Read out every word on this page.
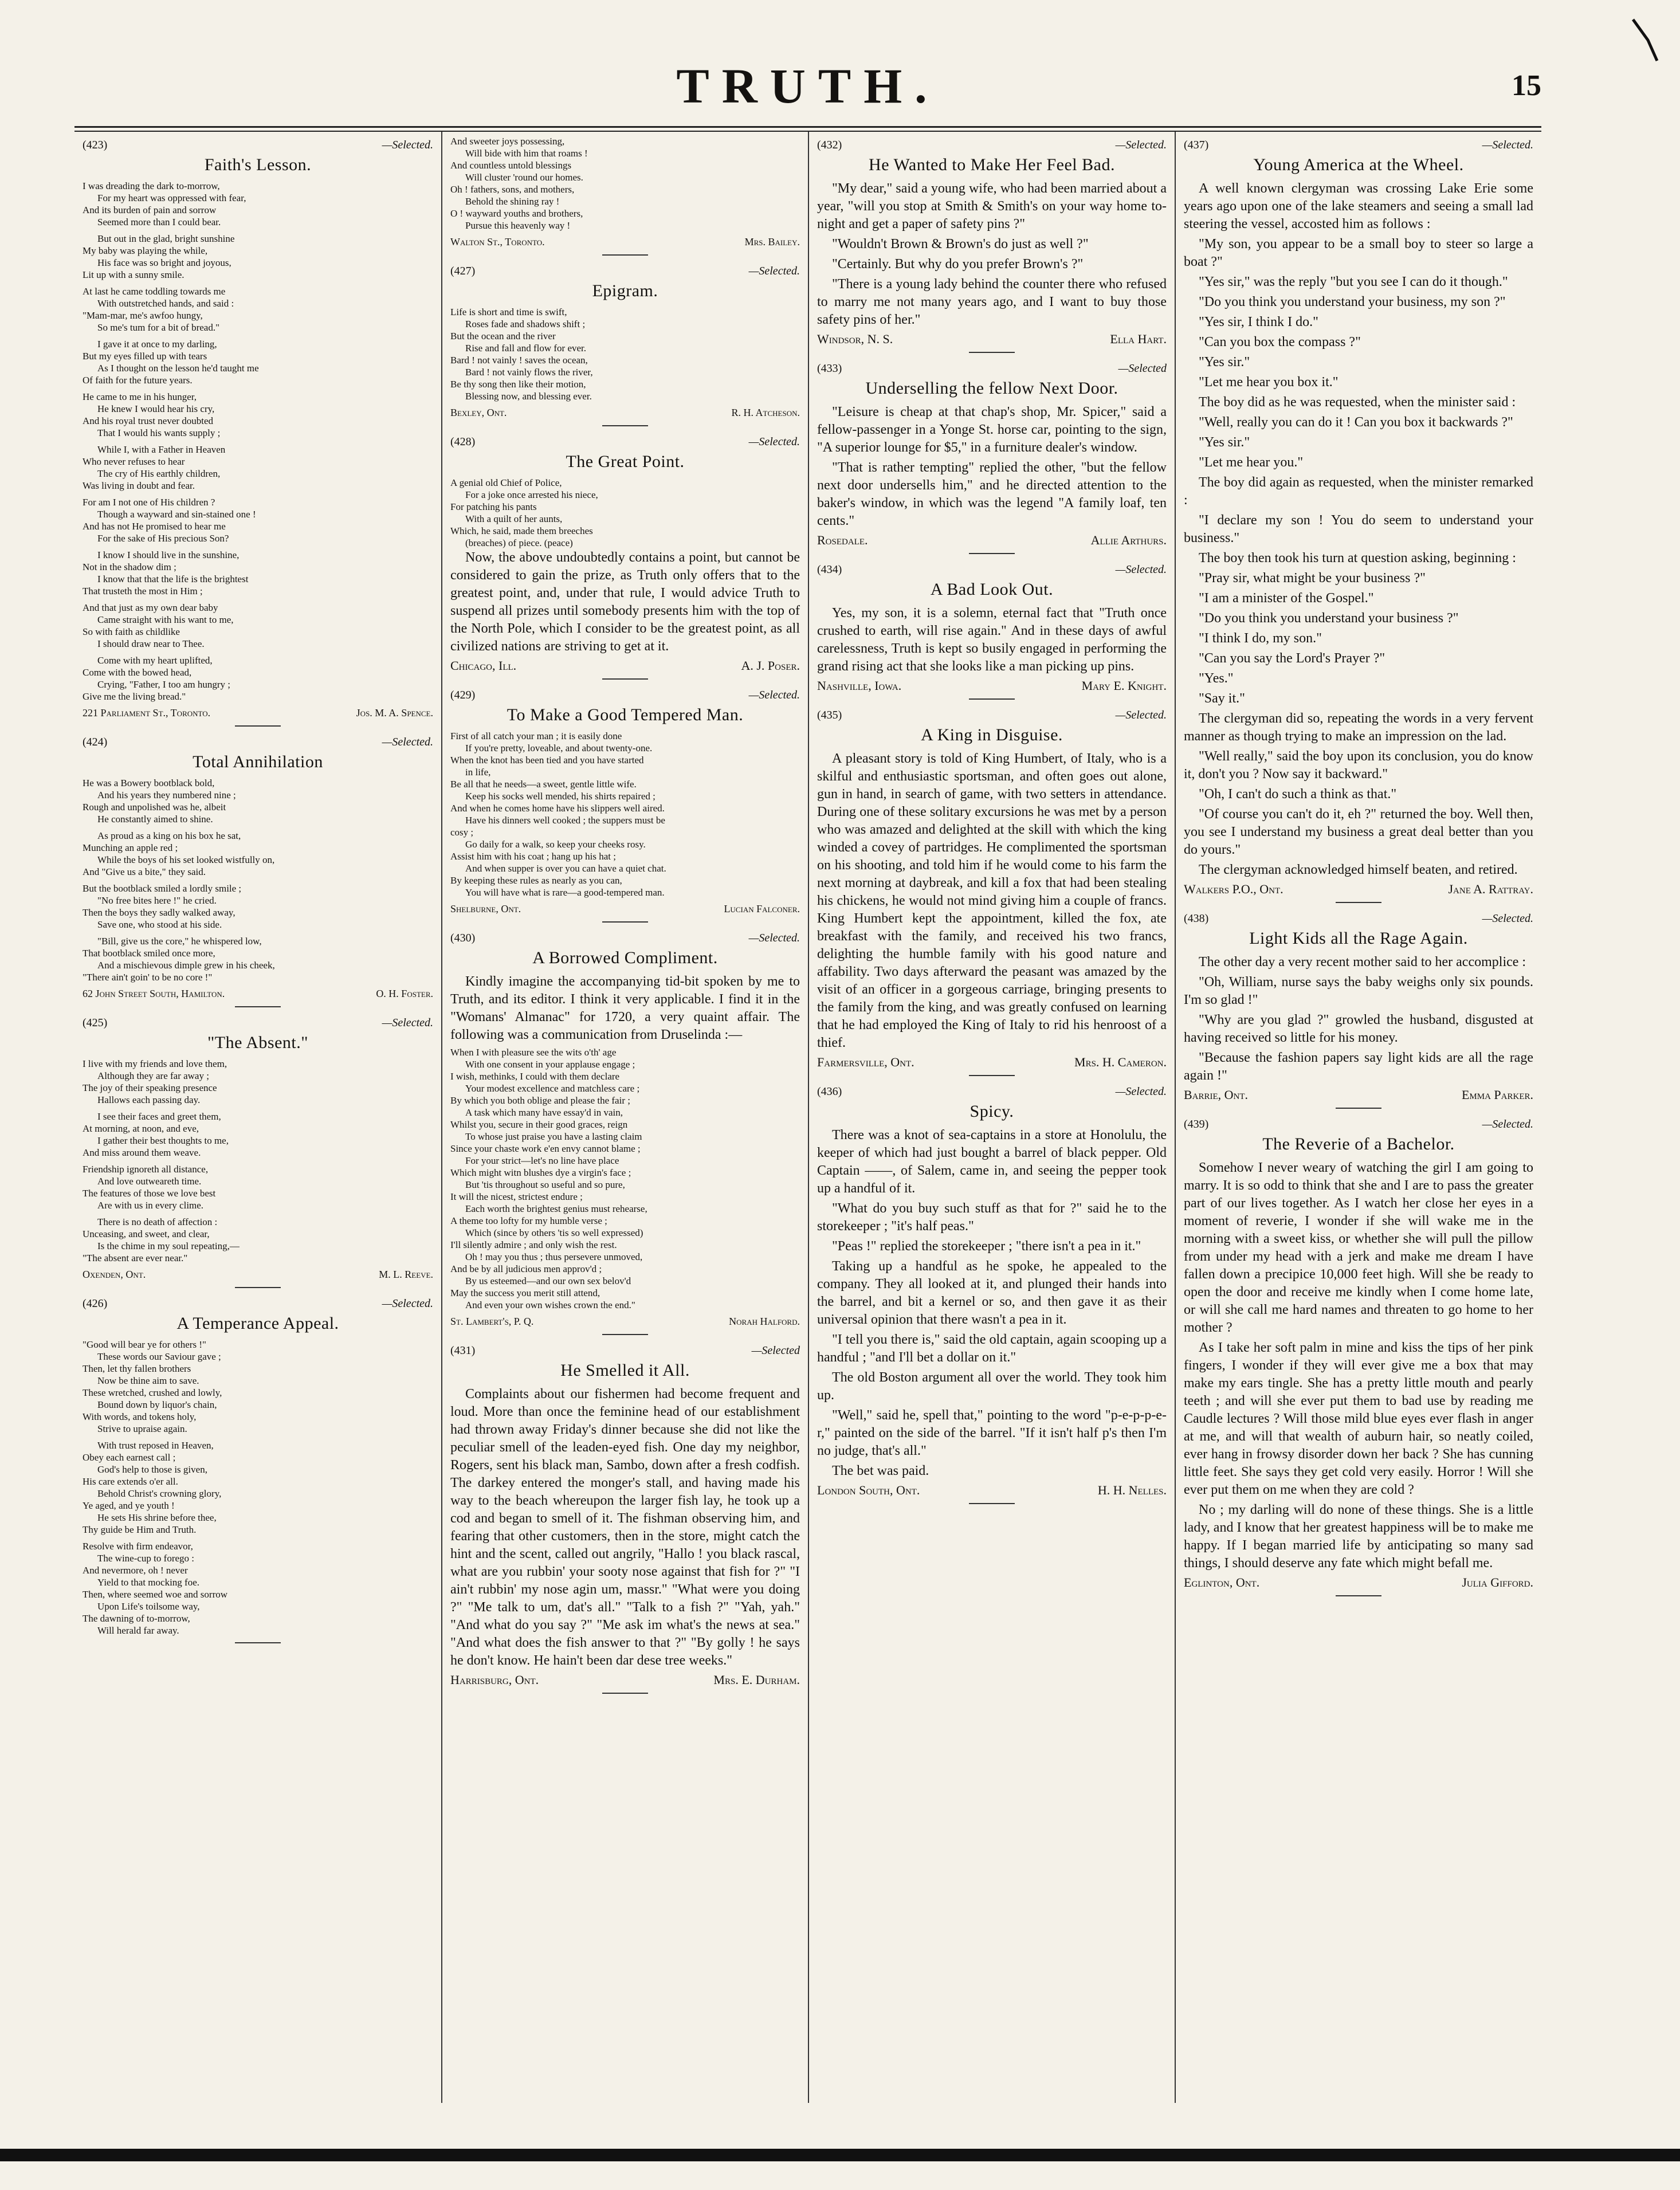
TRUTH.	15
(423)	—Selected.
Faith's Lesson.
I was dreading the dark to-morrow,
For my heart was oppressed with fear,
And its burden of pain and sorrow
Seemed more than I could bear.
But out in the glad, bright sunshine
My baby was playing the while,
His face was so bright and joyous,
Lit up with a sunny smile.
At last he came toddling towards me
With outstretched hands, and said :
"Mam-mar, me's awfoo hungy,
So me's tum for a bit of bread."
I gave it at once to my darling,
But my eyes filled up with tears
As I thought on the lesson he'd taught me
Of faith for the future years.
He came to me in his hunger,
He knew I would hear his cry,
And his royal trust never doubted
That I would his wants supply ;
While I, with a Father in Heaven
Who never refuses to hear
The cry of His earthly children,
Was living in doubt and fear.
For am I not one of His children ?
Though a wayward and sin-stained one !
And has not He promised to hear me
For the sake of His precious Son?
I know I should live in the sunshine,
Not in the shadow dim ;
I know that that the life is the brightest
That trusteth the most in Him ;
And that just as my own dear baby
Came straight with his want to me,
So with faith as childlike
I should draw near to Thee.
Come with my heart uplifted,
Come with the bowed head,
Crying, "Father, I too am hungry ;
Give me the living bread."
221 Parliament St., Toronto.	Jos. M. A. Spence.
(424)	—Selected.
Total Annihilation
He was a Bowery bootblack bold,
And his years they numbered nine ;
Rough and unpolished was he, albeit
He constantly aimed to shine.
As proud as a king on his box he sat,
Munching an apple red ;
While the boys of his set looked wistfully on,
And "Give us a bite," they said.
But the bootblack smiled a lordly smile ;
"No free bites here !" he cried.
Then the boys they sadly walked away,
Save one, who stood at his side.
"Bill, give us the core," he whispered low,
That bootblack smiled once more,
And a mischievous dimple grew in his cheek,
"There ain't goin' to be no core !"
62 John Street South, Hamilton.	O. H. Foster.
(425)	—Selected.
"The Absent."
I live with my friends and love them,
Although they are far away ;
The joy of their speaking presence
Hallows each passing day.
I see their faces and greet them,
At morning, at noon, and eve,
I gather their best thoughts to me,
And miss around them weave.
Friendship ignoreth all distance,
And love outweareth time.
The features of those we love best
Are with us in every clime.
There is no death of affection :
Unceasing, and sweet, and clear,
Is the chime in my soul repeating,—
"The absent are ever near."
Oxenden, Ont.	M. L. Reeve.
(426)	—Selected.
A Temperance Appeal.
"Good will bear ye for others !"
These words our Saviour gave ;
Then, let thy fallen brothers
Now be thine aim to save.
These wretched, crushed and lowly,
Bound down by liquor's chain,
With words, and tokens holy,
Strive to upraise again.
With trust reposed in Heaven,
Obey each earnest call ;
God's help to those is given,
His care extends o'er all.
Behold Christ's crowning glory,
Ye aged, and ye youth !
He sets His shrine before thee,
Thy guide be Him and Truth.
Resolve with firm endeavor,
The wine-cup to forego :
And nevermore, oh ! never
Yield to that mocking foe.
Then, where seemed woe and sorrow
Upon Life's toilsome way,
The dawning of to-morrow,
Will herald far away.
And sweeter joys possessing,
Will bide with him that roams !
And countless untold blessings
Will cluster 'round our homes.
Oh ! fathers, sons, and mothers,
Behold the shining ray !
O ! wayward youths and brothers,
Pursue this heavenly way !
Walton St., Toronto.	Mrs. Bailey.
(427)	—Selected.
Epigram.
Life is short and time is swift,
Roses fade and shadows shift ;
But the ocean and the river
Rise and fall and flow for ever.
Bard ! not vainly ! saves the ocean,
Bard ! not vainly flows the river,
Be thy song then like their motion,
Blessing now, and blessing ever.
Bexley, Ont.	R. H. Atcheson.
(428)	—Selected.
The Great Point.
A genial old Chief of Police,
For a joke once arrested his niece,
For patching his pants
With a quilt of her aunts,
Which, he said, made them breeches
(breaches) of piece. (peace)

Now, the above undoubtedly contains a point, but cannot be considered to gain the prize, as Truth only offers that to the greatest point, and, under that rule, I would advice Truth to suspend all prizes until somebody presents him with the top of the North Pole, which I consider to be the greatest point, as all civilized nations are striving to get at it.

Chicago, Ill.	A. J. Poser.
(429)	—Selected.
To Make a Good Tempered Man.
First of all catch your man ; it is easily done
If you're pretty, loveable, and about twenty-one.
When the knot has been tied and you have started
in life,
Be all that he needs—a sweet, gentle little wife.
Keep his socks well mended, his shirts repaired ;
And when he comes home have his slippers well aired.
Have his dinners well cooked ; the suppers must be
cosy ;
Go daily for a walk, so keep your cheeks rosy.
Assist him with his coat ; hang up his hat ;
And when supper is over you can have a quiet chat.
By keeping these rules as nearly as you can,
You will have what is rare—a good-tempered man.
Shelburne, Ont.	Lucian Falconer.
(430)	—Selected.
A Borrowed Compliment.

Kindly imagine the accompanying tid-bit spoken by me to Truth, and its editor. I think it very applicable. I find it in the "Womans' Almanac" for 1720, a very quaint affair. The following was a communication from Druselinda :—

When I with pleasure see the wits o'th' age
With one consent in your applause engage ;
I wish, methinks, I could with them declare
Your modest excellence and matchless care ;
By which you both oblige and please the fair ;
A task which many have essay'd in vain,
Whilst you, secure in their good graces, reign
To whose just praise you have a lasting claim
Since your chaste work e'en envy cannot blame ;
For your strict—let's no line have place
Which might witn blushes dye a virgin's face ;
But 'tis throughout so useful and so pure,
It will the nicest, strictest endure ;
Each worth the brightest genius must rehearse,
A theme too lofty for my humble verse ;
Which (since by others 'tis so well expressed)
I'll silently admire ; and only wish the rest.
Oh ! may you thus ; thus persevere unmoved,
And be by all judicious men approv'd ;
By us esteemed—and our own sex belov'd
May the success you merit still attend,
And even your own wishes crown the end."
St. Lambert's, P. Q.	Norah Halford.
(431)	—Selected
He Smelled it All.

Complaints about our fishermen had become frequent and loud. More than once the feminine head of our establishment had thrown away Friday's dinner because she did not like the peculiar smell of the leaden-eyed fish. One day my neighbor, Rogers, sent his black man, Sambo, down after a fresh codfish. The darkey entered the monger's stall, and having made his way to the beach whereupon the larger fish lay, he took up a cod and began to smell of it. The fishman observing him, and fearing that other customers, then in the store, might catch the hint and the scent, called out angrily, "Hallo ! you black rascal, what are you rubbin' your sooty nose against that fish for ?" "I ain't rubbin' my nose agin um, massr." "What were you doing ?" "Me talk to um, dat's all." "Talk to a fish ?" "Yah, yah." "And what do you say ?" "Me ask im what's the news at sea." "And what does the fish answer to that ?" "By golly ! he says he don't know. He hain't been dar dese tree weeks."

Harrisburg, Ont.	Mrs. E. Durham.
(432)	—Selected.
He Wanted to Make Her Feel Bad.

"My dear," said a young wife, who had been married about a year, "will you stop at Smith & Smith's on your way home to-night and get a paper of safety pins ?"

"Wouldn't Brown & Brown's do just as well ?"

"Certainly. But why do you prefer Brown's ?"

"There is a young lady behind the counter there who refused to marry me not many years ago, and I want to buy those safety pins of her."

Windsor, N. S.	Ella Hart.
(433)	—Selected
Underselling the fellow Next Door.

"Leisure is cheap at that chap's shop, Mr. Spicer," said a fellow-passenger in a Yonge St. horse car, pointing to the sign, "A superior lounge for $5," in a furniture dealer's window.

"That is rather tempting" replied the other, "but the fellow next door undersells him," and he directed attention to the baker's window, in which was the legend "A family loaf, ten cents."

Rosedale.	Allie Arthurs.
(434)	—Selected.
A Bad Look Out.

Yes, my son, it is a solemn, eternal fact that "Truth once crushed to earth, will rise again." And in these days of awful carelessness, Truth is kept so busily engaged in performing the grand rising act that she looks like a man picking up pins.

Nashville, Iowa.	Mary E. Knight.
(435)	—Selected.
A King in Disguise.

A pleasant story is told of King Humbert, of Italy, who is a skilful and enthusiastic sportsman, and often goes out alone, gun in hand, in search of game, with two setters in attendance. During one of these solitary excursions he was met by a person who was amazed and delighted at the skill with which the king winded a covey of partridges. He complimented the sportsman on his shooting, and told him if he would come to his farm the next morning at daybreak, and kill a fox that had been stealing his chickens, he would not mind giving him a couple of francs. King Humbert kept the appointment, killed the fox, ate breakfast with the family, and received his two francs, delighting the humble family with his good nature and affability. Two days afterward the peasant was amazed by the visit of an officer in a gorgeous carriage, bringing presents to the family from the king, and was greatly confused on learning that he had employed the King of Italy to rid his henroost of a thief.

Farmersville, Ont.	Mrs. H. Cameron.
(436)	—Selected.
Spicy.

There was a knot of sea-captains in a store at Honolulu, the keeper of which had just bought a barrel of black pepper. Old Captain ——, of Salem, came in, and seeing the pepper took up a handful of it.

"What do you buy such stuff as that for ?" said he to the storekeeper ; "it's half peas."

"Peas !" replied the storekeeper ; "there isn't a pea in it."

Taking up a handful as he spoke, he appealed to the company. They all looked at it, and plunged their hands into the barrel, and bit a kernel or so, and then gave it as their universal opinion that there wasn't a pea in it.

"I tell you there is," said the old captain, again scooping up a handful ; "and I'll bet a dollar on it."

The old Boston argument all over the world. They took him up.

"Well," said he, spell that," pointing to the word "p-e-p-p-e-r," painted on the side of the barrel. "If it isn't half p's then I'm no judge, that's all."

The bet was paid.

London South, Ont.	H. H. Nelles.
(437)	—Selected.
Young America at the Wheel.

A well known clergyman was crossing Lake Erie some years ago upon one of the lake steamers and seeing a small lad steering the vessel, accosted him as follows :

"My son, you appear to be a small boy to steer so large a boat ?"

"Yes sir," was the reply "but you see I can do it though."

"Do you think you understand your business, my son ?"

"Yes sir, I think I do."

"Can you box the compass ?"

"Yes sir."

"Let me hear you box it."

The boy did as he was requested, when the minister said :

"Well, really you can do it ! Can you box it backwards ?"

"Yes sir."

"Let me hear you."

The boy did again as requested, when the minister remarked :

"I declare my son ! You do seem to understand your business."

The boy then took his turn at question asking, beginning :

"Pray sir, what might be your business ?"

"I am a minister of the Gospel."

"Do you think you understand your business ?"

"I think I do, my son."

"Can you say the Lord's Prayer ?"

"Yes."

"Say it."

The clergyman did so, repeating the words in a very fervent manner as though trying to make an impression on the lad.

"Well really," said the boy upon its conclusion, you do know it, don't you ? Now say it backward."

"Oh, I can't do such a think as that."

"Of course you can't do it, eh ?" returned the boy. Well then, you see I understand my business a great deal better than you do yours."

The clergyman acknowledged himself beaten, and retired.

Walkers P.O., Ont.	Jane A. Rattray.
(438)	—Selected.
Light Kids all the Rage Again.

The other day a very recent mother said to her accomplice :

"Oh, William, nurse says the baby weighs only six pounds. I'm so glad !"

"Why are you glad ?" growled the husband, disgusted at having received so little for his money.

"Because the fashion papers say light kids are all the rage again !"

Barrie, Ont.	Emma Parker.
(439)	—Selected.
The Reverie of a Bachelor.

Somehow I never weary of watching the girl I am going to marry. It is so odd to think that she and I are to pass the greater part of our lives together. As I watch her close her eyes in a moment of reverie, I wonder if she will wake me in the morning with a sweet kiss, or whether she will pull the pillow from under my head with a jerk and make me dream I have fallen down a precipice 10,000 feet high. Will she be ready to open the door and receive me kindly when I come home late, or will she call me hard names and threaten to go home to her mother ?

As I take her soft palm in mine and kiss the tips of her pink fingers, I wonder if they will ever give me a box that may make my ears tingle. She has a pretty little mouth and pearly teeth ; and will she ever put them to bad use by reading me Caudle lectures ? Will those mild blue eyes ever flash in anger at me, and will that wealth of auburn hair, so neatly coiled, ever hang in frowsy disorder down her back ? She has cunning little feet. She says they get cold very easily. Horror ! Will she ever put them on me when they are cold ?

No ; my darling will do none of these things. She is a little lady, and I know that her greatest happiness will be to make me happy. If I began married life by anticipating so many sad things, I should deserve any fate which might befall me.

Eglinton, Ont.	Julia Gifford.
